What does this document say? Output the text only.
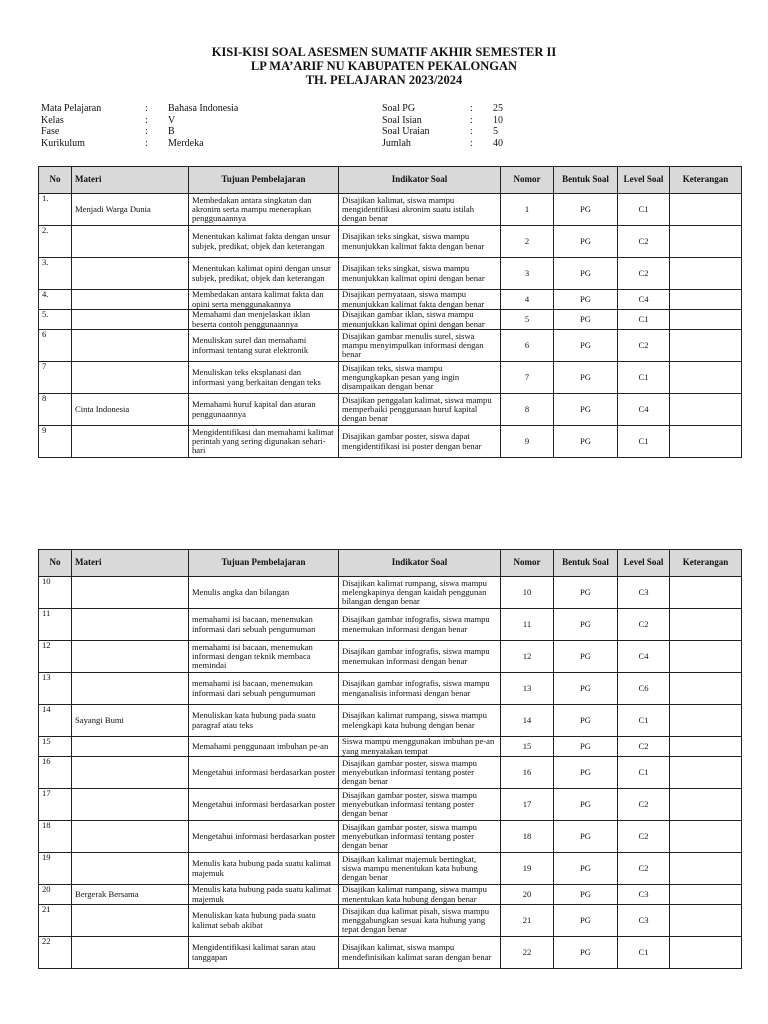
KISI-KISI SOAL ASESMEN SUMATIF AKHIR SEMESTER II
LP MA’ARIF NU KABUPATEN PEKALONGAN
TH. PELAJARAN 2023/2024
Mata Pelajaran	: Bahasa Indonesia
Kelas	: V
Fase	: B
Kurikulum	: Merdeka
Soal PG	: 25
Soal Isian	: 10
Soal Uraian	: 5
Jumlah	: 40
No	Materi	Tujuan Pembelajaran	Indikator Soal	Nomor	Bentuk Soal	Level Soal	Keterangan
1.	Menjadi Warga Dunia	Membedakan antara singkatan dan akronim serta mampu menerapkan penggunaannya	Disajikan kalimat, siswa mampu mengidentifikasi akronim suatu istilah dengan benar	1	PG	C1	
2.		Menentukan kalimat fakta dengan unsur subjek, predikat, objek dan keterangan	Disajikan teks singkat, siswa mampu menunjukkan kalimat fakta dengan benar	2	PG	C2	
3.		Menentukan kalimat opini dengan unsur subjek, predikat, objek dan keterangan	Disajikan teks singkat, siswa mampu menunjukkan kalimat opini dengan benar	3	PG	C2	
4.		Membedakan antara kalimat fakta dan opini serta menggunakannya	Disajikan pernyataan, siswa mampu menunjukkan kalimat fakta dengan benar	4	PG	C4	
5.		Memahami dan menjelaskan iklan beserta contoh penggunaannya	Disajikan gambar iklan, siswa mampu menunjukkan kalimat opini dengan benar	5	PG	C1	
6		Menuliskan surel dan memahami informasi tentang surat elektronik	Disajikan gambar menulis surel, siswa mampu menyimpulkan informasi dengan benar	6	PG	C2	
7		Menuliskan teks eksplanasi dan informasi yang berkaitan dengan teks	Disajikan teks, siswa mampu mengungkapkan pesan yang ingin disampaikan dengan benar	7	PG	C1	
8	Cinta Indonesia	Memahami huruf kapital dan aturan penggunaannya	Disajikan penggalan kalimat, siswa mampu memperbaiki penggunaan huruf kapital dengan benar	8	PG	C4	
9		Mengidentifikasi dan memahami kalimat perintah yang sering digunakan sehari-hari	Disajikan gambar poster, siswa dapat mengidentifikasi isi poster dengan benar	9	PG	C1	
No	Materi	Tujuan Pembelajaran	Indikator Soal	Nomor	Bentuk Soal	Level Soal	Keterangan
10		Menulis angka dan bilangan	Disajikan kalimat rumpang, siswa mampu melengkapinya dengan kaidah penggunan bilangan dengan benar	10	PG	C3	
11		memahami isi bacaan, menemukan informasi dari sebuah pengumuman	Disajikan gambar infografis, siswa mampu menemukan informasi dengan benar	11	PG	C2	
12		memahami isi bacaan, menemukan informasi dengan teknik membaca memindai	Disajikan gambar infografis, siswa mampu menemukan informasi dengan benar	12	PG	C4	
13		memahami isi bacaan, menemukan informasi dari sebuah pengumuman	Disajikan gambar infografis, siswa mampu menganalisis informasi dengan benar	13	PG	C6	
14	Sayangi Bumi	Menuliskan kata hubung pada suatu paragraf atau teks	Disajikan kalimat rumpang, siswa mampu melengkapi kata hubung dengan benar	14	PG	C1	
15		Memahami penggunaan imbuhan pe-an	Siswa mampu menggunakan imbuhan pe-an yang menyatakan tempat	15	PG	C2	
16		Mengetahui informasi berdasarkan poster	Disajikan gambar poster, siswa mampu menyebutkan informasi tentang poster dengan benar	16	PG	C1	
17		Mengetahui informasi berdasarkan poster	Disajikan gambar poster, siswa mampu menyebutkan informasi tentang poster dengan benar	17	PG	C2	
18		Mengetahui informasi berdasarkan poster	Disajikan gambar poster, siswa mampu menyebutkan informasi tentang poster dengan benar	18	PG	C2	
19		Menulis kata hubung pada suatu kalimat majemuk	Disajikan kalimat majemuk bertingkat, siswa mampu menentukan kata hubung dengan benar	19	PG	C2	
20	Bergerak Bersama	Menulis kata hubung pada suatu kalimat majemuk	Disajikan kalimat rumpang, siswa mampu menentukan kata hubung dengan benar	20	PG	C3	
21		Menuliskan kata hubung pada suatu kalimat sebab akibat	Disajikan dua kalimat pisah, siswa mampu menggabungkan sesuai kata hubung yang tepat dengan benar	21	PG	C3	
22		Mengidentifikasi kalimat saran atau tanggapan	Disajikan kalimat, siswa mampu mendefinisikan kalimat saran dengan benar	22	PG	C1	
